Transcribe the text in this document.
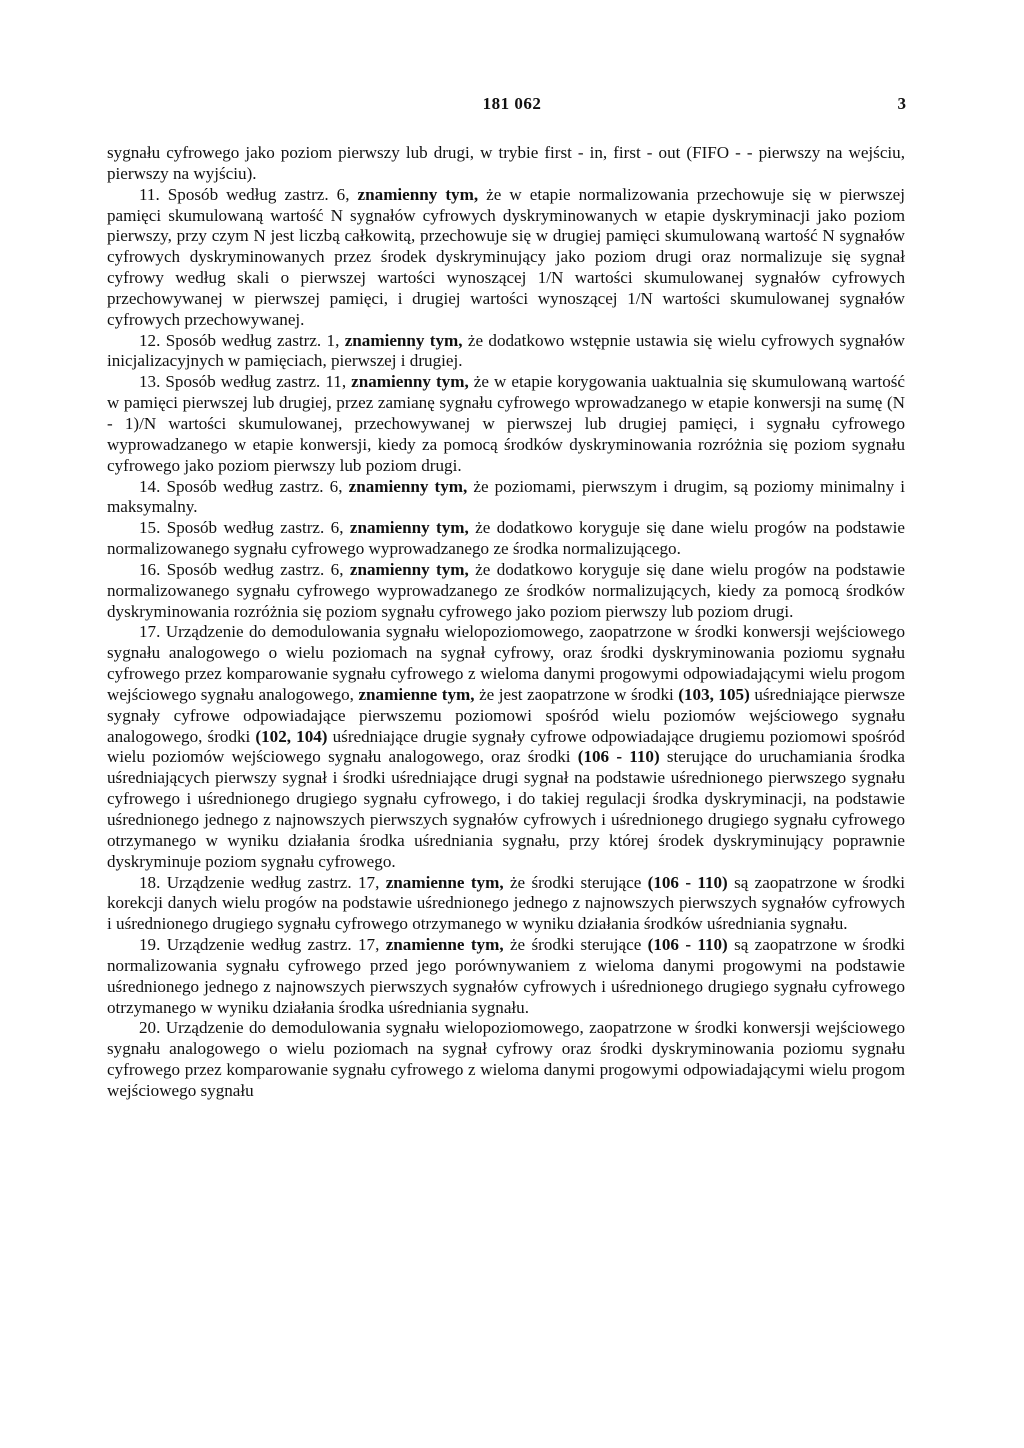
181 062	3

sygnału cyfrowego jako poziom pierwszy lub drugi, w trybie first - in, first - out (FIFO - - pierwszy na wejściu, pierwszy na wyjściu).

11. Sposób według zastrz. 6, znamienny tym, że w etapie normalizowania przechowuje się w pierwszej pamięci skumulowaną wartość N sygnałów cyfrowych dyskryminowanych w etapie dyskryminacji jako poziom pierwszy, przy czym N jest liczbą całkowitą, przechowuje się w drugiej pamięci skumulowaną wartość N sygnałów cyfrowych dyskryminowanych przez środek dyskryminujący jako poziom drugi oraz normalizuje się sygnał cyfrowy według skali o pierwszej wartości wynoszącej 1/N wartości skumulowanej sygnałów cyfrowych przechowywanej w pierwszej pamięci, i drugiej wartości wynoszącej 1/N wartości skumulowanej sygnałów cyfrowych przechowywanej.

12. Sposób według zastrz. 1, znamienny tym, że dodatkowo wstępnie ustawia się wielu cyfrowych sygnałów inicjalizacyjnych w pamięciach, pierwszej i drugiej.

13. Sposób według zastrz. 11, znamienny tym, że w etapie korygowania uaktualnia się skumulowaną wartość w pamięci pierwszej lub drugiej, przez zamianę sygnału cyfrowego wprowadzanego w etapie konwersji na sumę (N - 1)/N wartości skumulowanej, przechowywanej w pierwszej lub drugiej pamięci, i sygnału cyfrowego wyprowadzanego w etapie konwersji, kiedy za pomocą środków dyskryminowania rozróżnia się poziom sygnału cyfrowego jako poziom pierwszy lub poziom drugi.

14. Sposób według zastrz. 6, znamienny tym, że poziomami, pierwszym i drugim, są poziomy minimalny i maksymalny.

15. Sposób według zastrz. 6, znamienny tym, że dodatkowo koryguje się dane wielu progów na podstawie normalizowanego sygnału cyfrowego wyprowadzanego ze środka normalizującego.

16. Sposób według zastrz. 6, znamienny tym, że dodatkowo koryguje się dane wielu progów na podstawie normalizowanego sygnału cyfrowego wyprowadzanego ze środków normalizujących, kiedy za pomocą środków dyskryminowania rozróżnia się poziom sygnału cyfrowego jako poziom pierwszy lub poziom drugi.

17. Urządzenie do demodulowania sygnału wielopoziomowego, zaopatrzone w środki konwersji wejściowego sygnału analogowego o wielu poziomach na sygnał cyfrowy, oraz środki dyskryminowania poziomu sygnału cyfrowego przez komparowanie sygnału cyfrowego z wieloma danymi progowymi odpowiadającymi wielu progom wejściowego sygnału analogowego, znamienne tym, że jest zaopatrzone w środki (103, 105) uśredniające pierwsze sygnały cyfrowe odpowiadające pierwszemu poziomowi spośród wielu poziomów wejściowego sygnału analogowego, środki (102, 104) uśredniające drugie sygnały cyfrowe odpowiadające drugiemu poziomowi spośród wielu poziomów wejściowego sygnału analogowego, oraz środki (106 - 110) sterujące do uruchamiania środka uśredniających pierwszy sygnał i środki uśredniające drugi sygnał na podstawie uśrednionego pierwszego sygnału cyfrowego i uśrednionego drugiego sygnału cyfrowego, i do takiej regulacji środka dyskryminacji, na podstawie uśrednionego jednego z najnowszych pierwszych sygnałów cyfrowych i uśrednionego drugiego sygnału cyfrowego otrzymanego w wyniku działania środka uśredniania sygnału, przy której środek dyskryminujący poprawnie dyskryminuje poziom sygnału cyfrowego.

18. Urządzenie według zastrz. 17, znamienne tym, że środki sterujące (106 - 110) są zaopatrzone w środki korekcji danych wielu progów na podstawie uśrednionego jednego z najnowszych pierwszych sygnałów cyfrowych i uśrednionego drugiego sygnału cyfrowego otrzymanego w wyniku działania środków uśredniania sygnału.

19. Urządzenie według zastrz. 17, znamienne tym, że środki sterujące (106 - 110) są zaopatrzone w środki normalizowania sygnału cyfrowego przed jego porównywaniem z wieloma danymi progowymi na podstawie uśrednionego jednego z najnowszych pierwszych sygnałów cyfrowych i uśrednionego drugiego sygnału cyfrowego otrzymanego w wyniku działania środka uśredniania sygnału.

20. Urządzenie do demodulowania sygnału wielopoziomowego, zaopatrzone w środki konwersji wejściowego sygnału analogowego o wielu poziomach na sygnał cyfrowy oraz środki dyskryminowania poziomu sygnału cyfrowego przez komparowanie sygnału cyfrowego z wieloma danymi progowymi odpowiadającymi wielu progom wejściowego sygnału
